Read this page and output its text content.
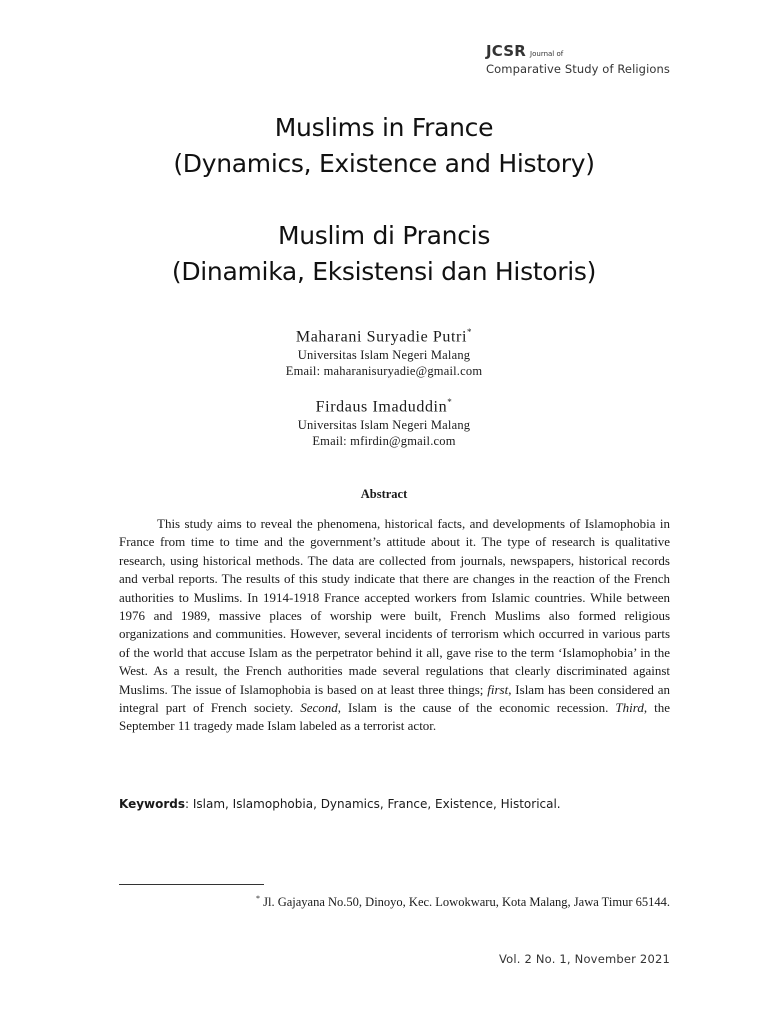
JCSR Journal of
Comparative Study of Religions
Muslims in France
(Dynamics, Existence and History)
Muslim di Prancis
(Dinamika, Eksistensi dan Historis)
Maharani Suryadie Putri*
Universitas Islam Negeri Malang
Email: maharanisuryadie@gmail.com
Firdaus Imaduddin*
Universitas Islam Negeri Malang
Email: mfirdin@gmail.com
Abstract

This study aims to reveal the phenomena, historical facts, and developments of Islamophobia in France from time to time and the government’s attitude about it. The type of research is qualitative research, using historical methods. The data are collected from journals, newspapers, historical records and verbal reports. The results of this study indicate that there are changes in the reaction of the French authorities to Muslims. In 1914-1918 France accepted workers from Islamic countries. While between 1976 and 1989, massive places of worship were built, French Muslims also formed religious organizations and communities. However, several incidents of terrorism which occurred in various parts of the world that accuse Islam as the perpetrator behind it all, gave rise to the term ‘Islamophobia’ in the West. As a result, the French authorities made several regulations that clearly discriminated against Muslims. The issue of Islamophobia is based on at least three things; first, Islam has been considered an integral part of French society. Second, Islam is the cause of the economic recession. Third, the September 11 tragedy made Islam labeled as a terrorist actor.

Keywords: Islam, Islamophobia, Dynamics, France, Existence, Historical.
* Jl. Gajayana No.50, Dinoyo, Kec. Lowokwaru, Kota Malang, Jawa Timur 65144.
Vol. 2 No. 1, November 2021
